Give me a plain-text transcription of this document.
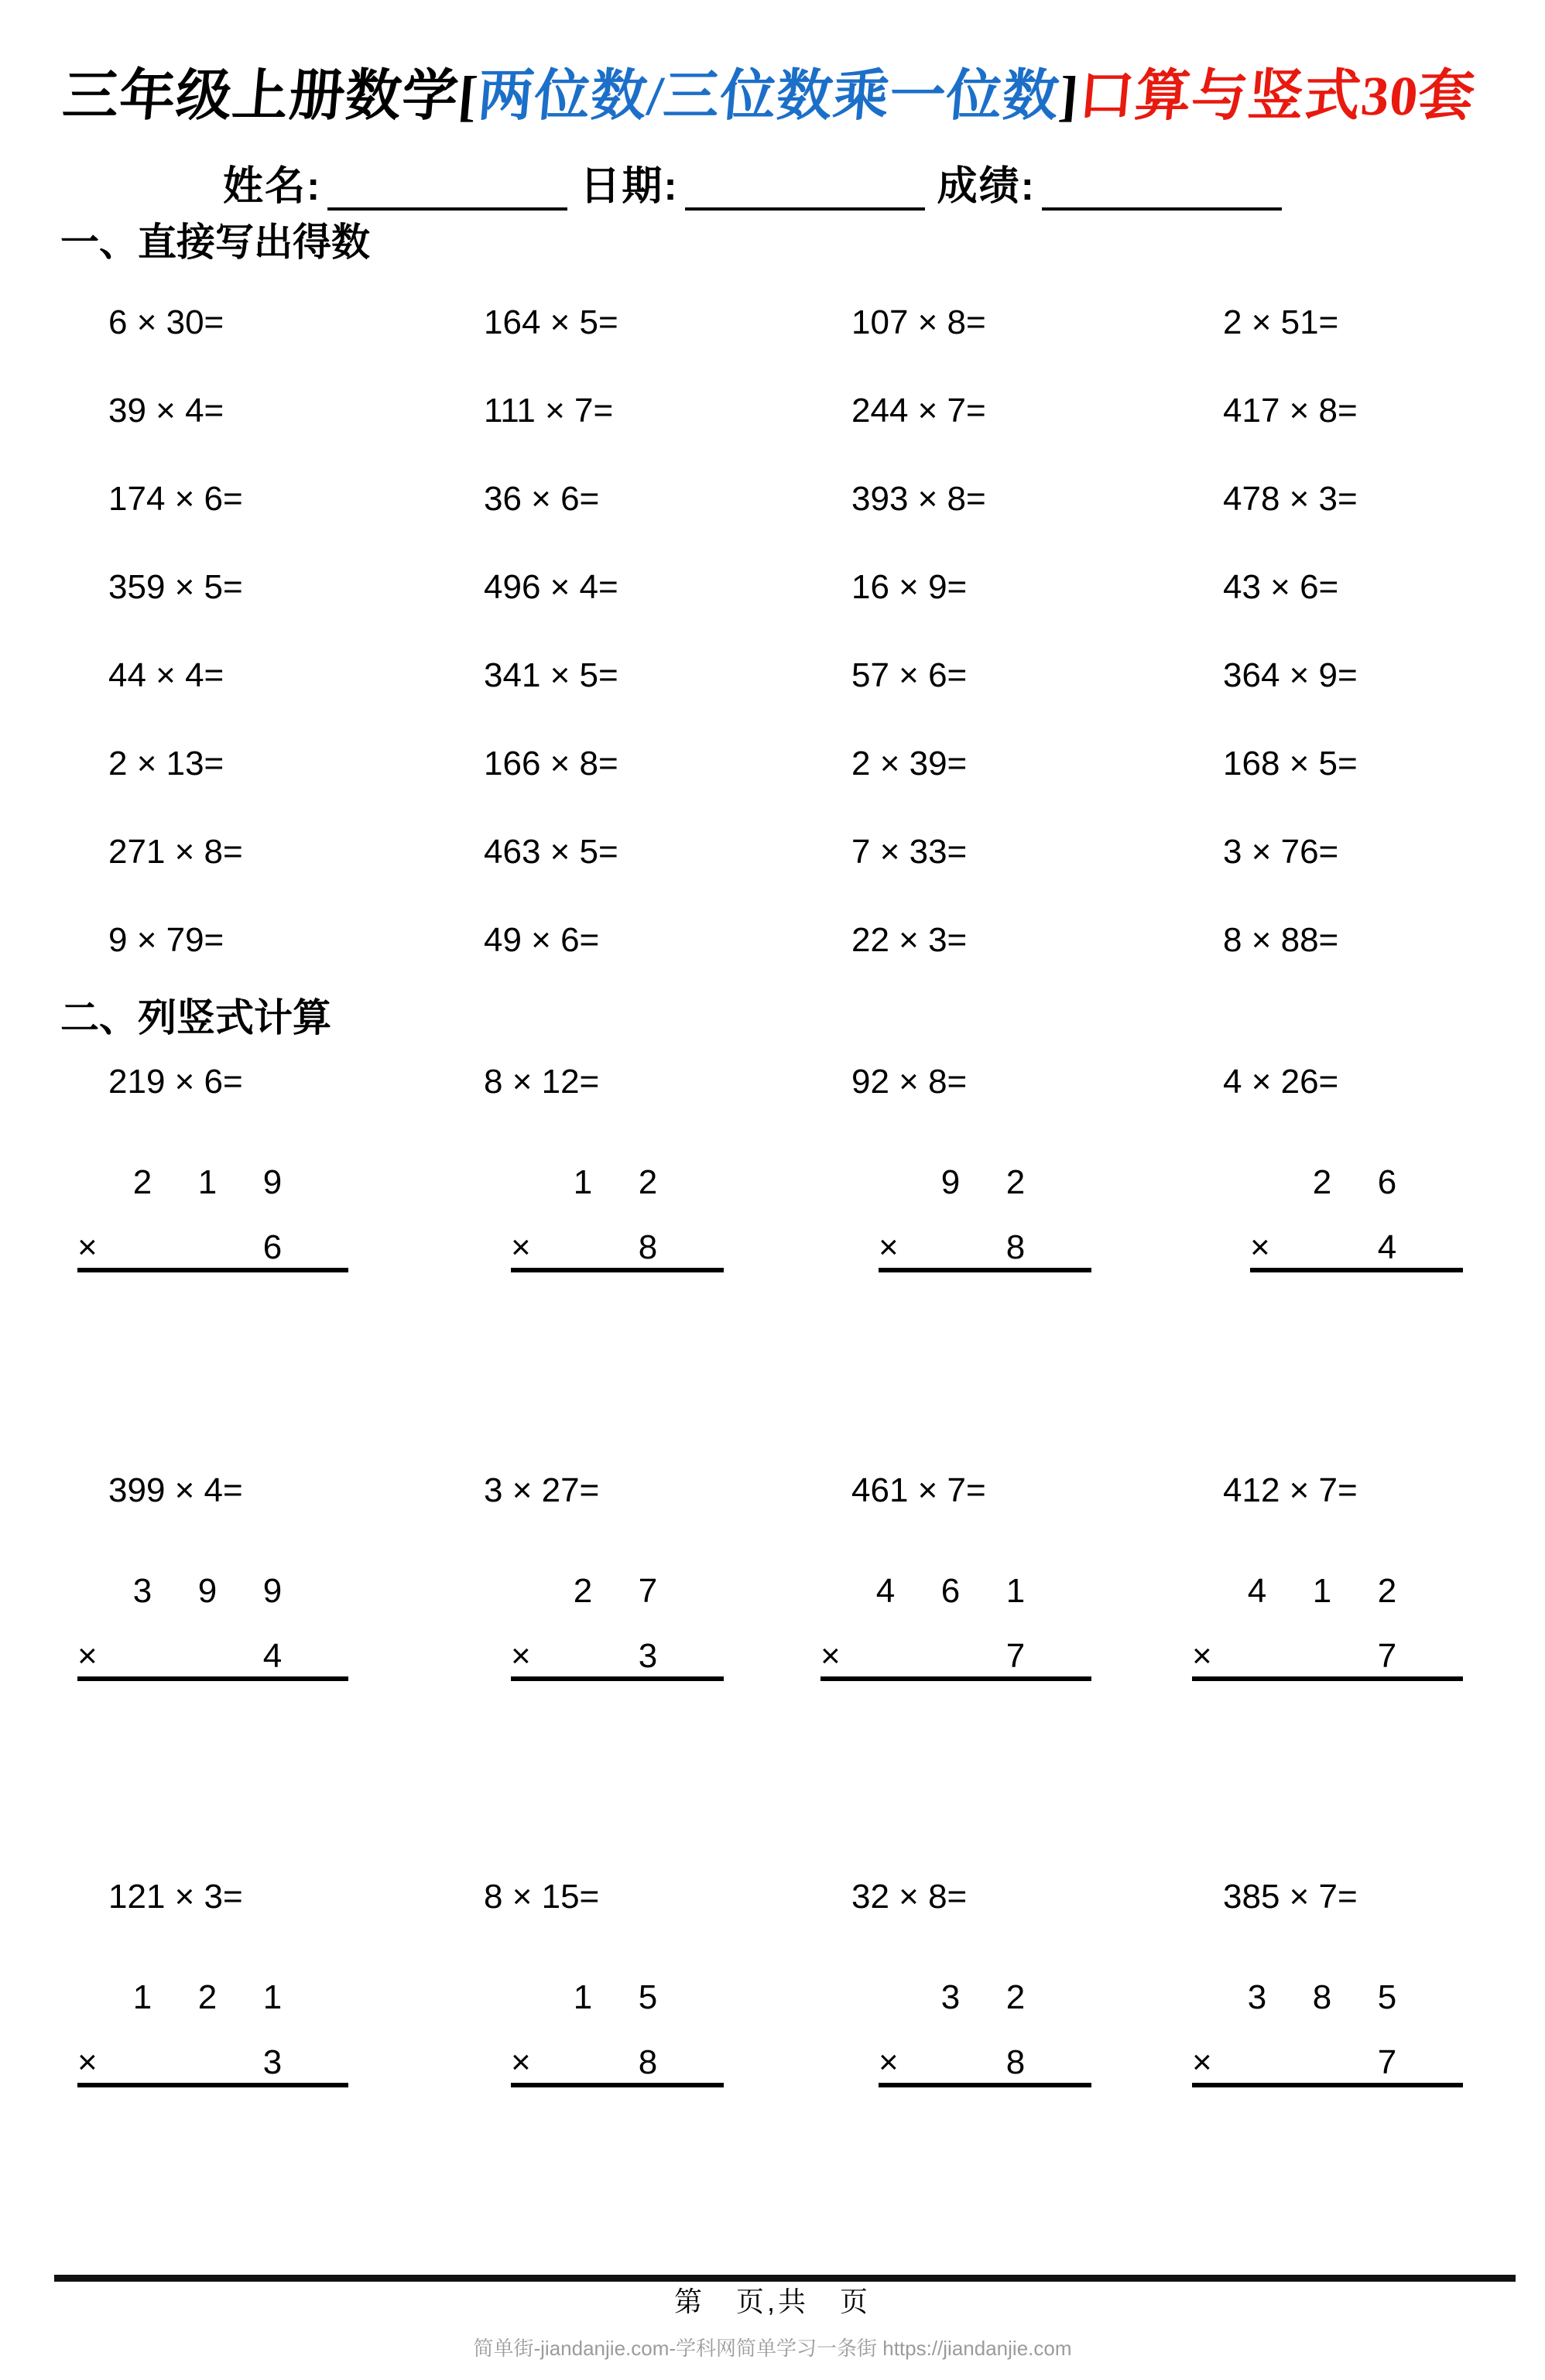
三年级上册数学[两位数/三位数乘一位数]口算与竖式30套
姓名:	日期:	成绩:
一、直接写出得数
6 × 30=	164 × 5=	107 × 8=	2 × 51=
39 × 4=	111 × 7=	244 × 7=	417 × 8=
174 × 6=	36 × 6=	393 × 8=	478 × 3=
359 × 5=	496 × 4=	16 × 9=	43 × 6=
44 × 4=	341 × 5=	57 × 6=	364 × 9=
2 × 13=	166 × 8=	2 × 39=	168 × 5=
271 × 8=	463 × 5=	7 × 33=	3 × 76=
9 × 79=	49 × 6=	22 × 3=	8 × 88=
二、列竖式计算
219 × 6=
2 1 9
×	6
8 × 12=
1 2
×	8
92 × 8=
9 2
×	8
4 × 26=
2 6
×	4
399 × 4=
3 9 9
×	4
3 × 27=
2 7
×	3
461 × 7=
4 6 1
×	7
412 × 7=
4 1 2
×	7
121 × 3=
1 2 1
×	3
8 × 15=
1 5
×	8
32 × 8=
3 2
×	8
385 × 7=
3 8 5
×	7
第　页,共　页
简单街-jiandanjie.com-学科网简单学习一条街 https://jiandanjie.com
